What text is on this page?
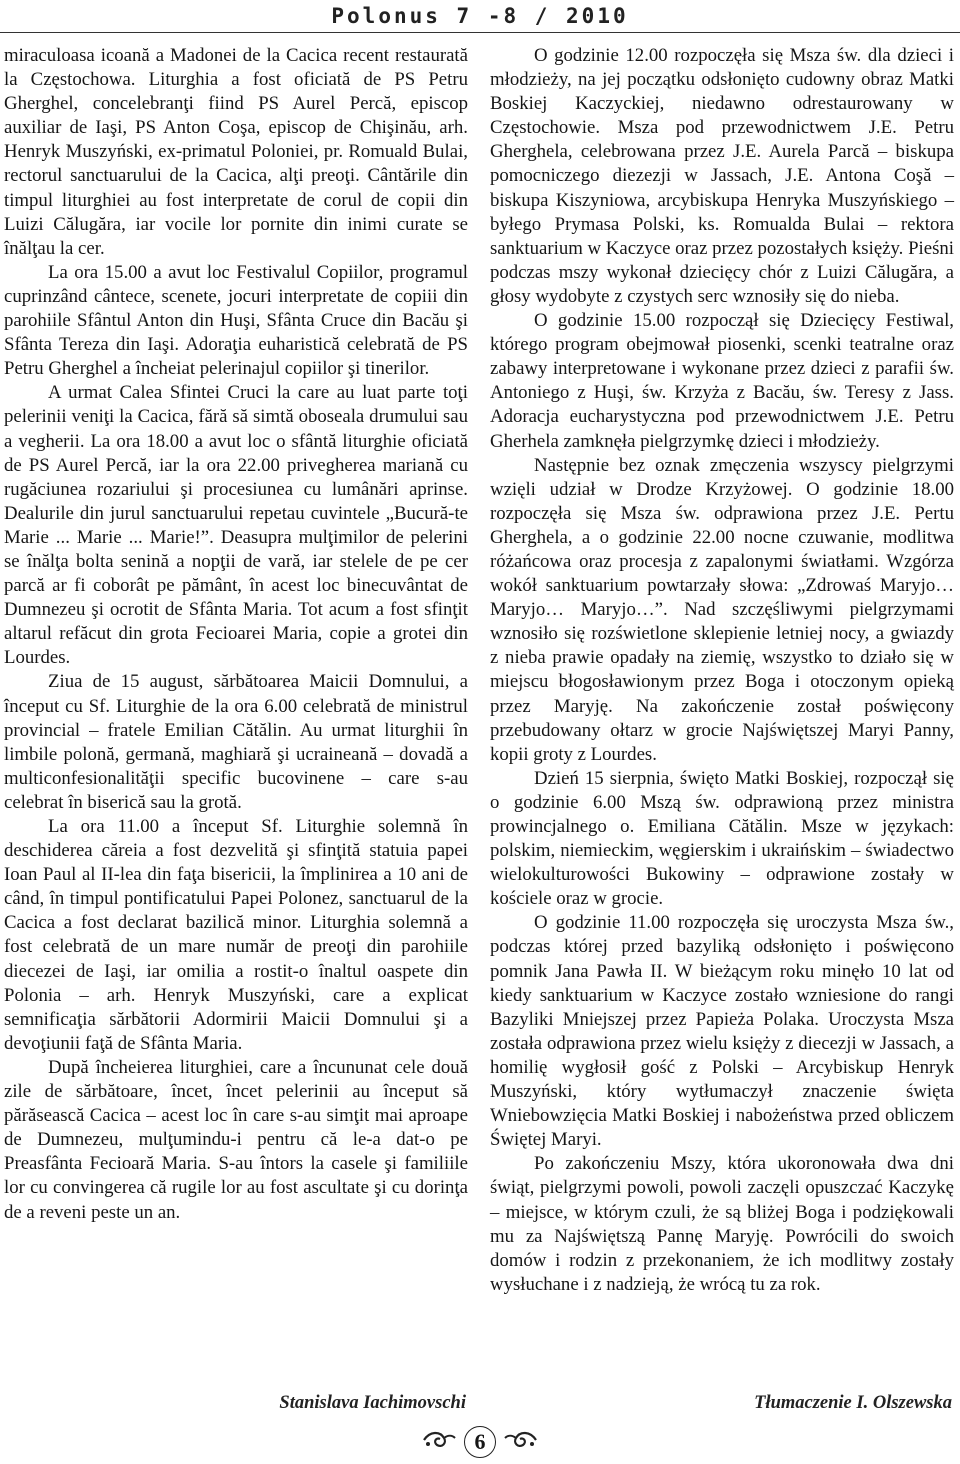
Polonus 7 -8 / 2010

miraculoasa icoană a Madonei de la Cacica recent restaurată la Częstochowa. Liturghia a fost oficiată de PS Petru Gherghel, concelebranţi fiind PS Aurel Percă, episcop auxiliar de Iaşi, PS Anton Coşa, episcop de Chişinău, arh. Henryk Muszyński, ex-primatul Poloniei, pr. Romuald Bulai, rectorul sanctuarului de la Cacica, alţi preoţi. Cântările din timpul liturghiei au fost interpretate de corul de copii din Luizi Călugăra, iar vocile lor pornite din inimi curate se înălţau la cer.

La ora 15.00 a avut loc Festivalul Copiilor, programul cuprinzând cântece, scenete, jocuri interpretate de copiii din parohiile Sfântul Anton din Huşi, Sfânta Cruce din Bacău şi Sfânta Tereza din Iaşi. Adoraţia euharistică celebrată de PS Petru Gherghel a încheiat pelerinajul copiilor şi tinerilor.

A urmat Calea Sfintei Cruci la care au luat parte toţi pelerinii veniţi la Cacica, fără să simtă oboseala drumului sau a vegherii. La ora 18.00 a avut loc o sfântă liturghie oficiată de PS Aurel Percă, iar la ora 22.00 privegherea mariană cu rugăciunea rozariului şi procesiunea cu lumânări aprinse. Dealurile din jurul sanctuarului repetau cuvintele „Bucură-te Marie ... Marie ... Marie!”. Deasupra mulţimilor de pelerini se înălţa bolta senină a nopţii de vară, iar stelele de pe cer parcă ar fi coborât pe pământ, în acest loc binecuvântat de Dumnezeu şi ocrotit de Sfânta Maria. Tot acum a fost sfinţit altarul refăcut din grota Fecioarei Maria, copie a grotei din Lourdes.

Ziua de 15 august, sărbătoarea Maicii Domnului, a început cu Sf. Liturghie de la ora 6.00 celebrată de ministrul provincial – fratele Emilian Cătălin. Au urmat liturghii în limbile polonă, germană, maghiară şi ucraineană – dovadă a multiconfesionalităţii specific bucovinene – care s-au celebrat în biserică sau la grotă.

La ora 11.00 a început Sf. Liturghie solemnă în deschiderea căreia a fost dezvelită şi sfinţită statuia papei Ioan Paul al II-lea din faţa bisericii, la împlinirea a 10 ani de când, în timpul pontificatului Papei Polonez, sanctuarul de la Cacica a fost declarat bazilică minor. Liturghia solemnă a fost celebrată de un mare număr de preoţi din parohiile diecezei de Iaşi, iar omilia a rostit-o înaltul oaspete din Polonia – arh. Henryk Muszyński, care a explicat semnificaţia sărbătorii Adormirii Maicii Domnului şi a devoţiunii faţă de Sfânta Maria.

După încheierea liturghiei, care a încununat cele două zile de sărbătoare, încet, încet pelerinii au început să părăsească Cacica – acest loc în care s-au simţit mai aproape de Dumnezeu, mulţumindu-i pentru că le-a dat-o pe Preasfânta Fecioară Maria. S-au întors la casele şi familiile lor cu convingerea că rugile lor au fost ascultate şi cu dorinţa de a reveni peste un an.

O godzinie 12.00 rozpoczęła się Msza św. dla dzieci i młodzieży, na jej początku odsłonięto cudowny obraz Matki Boskiej Kaczyckiej, niedawno odrestaurowany w Częstochowie. Msza pod przewodnictwem J.E. Petru Gherghela, celebrowana przez J.E. Aurela Parcă – biskupa pomocniczego diezezji w Jassach, J.E. Antona Coşă – biskupa Kiszyniowa, arcybiskupa Henryka Muszyńskiego – byłego Prymasa Polski, ks. Romualda Bulai – rektora sanktuarium w Kaczyce oraz przez pozostałych księży. Pieśni podczas mszy wykonał dziecięcy chór z Luizi Călugăra, a głosy wydobyte z czystych serc wznosiły się do nieba.

O godzinie 15.00 rozpoczął się Dziecięcy Festiwal, którego program obejmował piosenki, scenki teatralne oraz zabawy interpretowane i wykonane przez dzieci z parafii św. Antoniego z Huşi, św. Krzyża z Bacău, św. Teresy z Jass. Adoracja eucharystyczna pod przewodnictwem J.E. Petru Gherhela zamknęła pielgrzymkę dzieci i młodzieży.

Następnie bez oznak zmęczenia wszyscy pielgrzymi wzięli udział w Drodze Krzyżowej. O godzinie 18.00 rozpoczęła się Msza św. odprawiona przez J.E. Pertu Gherghela, a o godzinie 22.00 nocne czuwanie, modlitwa różańcowa oraz procesja z zapalonymi światłami. Wzgórza wokół sanktuarium powtarzały słowa: „Zdrowaś Maryjo… Maryjo… Maryjo…”. Nad szczęśliwymi pielgrzymami wznosiło się rozświetlone sklepienie letniej nocy, a gwiazdy z nieba prawie opadały na ziemię, wszystko to działo się w miejscu błogosławionym przez Boga i otoczonym opieką przez Maryję. Na zakończenie został poświęcony przebudowany ołtarz w grocie Najświętszej Maryi Panny, kopii groty z Lourdes.

Dzień 15 sierpnia, święto Matki Boskiej, rozpoczął się o godzinie 6.00 Mszą św. odprawioną przez ministra prowincjalnego o. Emiliana Cătălin. Msze w językach: polskim, niemieckim, węgierskim i ukraińskim – świadectwo wielokulturowości Bukowiny – odprawione zostały w kościele oraz w grocie.

O godzinie 11.00 rozpoczęła się uroczysta Msza św., podczas której przed bazyliką odsłonięto i poświęcono pomnik Jana Pawła II. W bieżącym roku minęło 10 lat od kiedy sanktuarium w Kaczyce zostało wzniesione do rangi Bazyliki Mniejszej przez Papieża Polaka. Uroczysta Msza została odprawiona przez wielu księży z diecezji w Jassach, a homilię wygłosił gość z Polski – Arcybiskup Henryk Muszyński, który wytłumaczył znaczenie święta Wniebowzięcia Matki Boskiej i nabożeństwa przed obliczem Świętej Maryi.

Po zakończeniu Mszy, która ukoronowała dwa dni świąt, pielgrzymi powoli, powoli zaczęli opuszczać Kaczykę – miejsce, w którym czuli, że są bliżej Boga i podziękowali mu za Najświętszą Pannę Maryję. Powrócili do swoich domów i rodzin z przekonaniem, że ich modlitwy zostały wysłuchane i z nadzieją, że wrócą tu za rok.

Stanislava Iachimovschi	Tłumaczenie I. Olszewska
6
